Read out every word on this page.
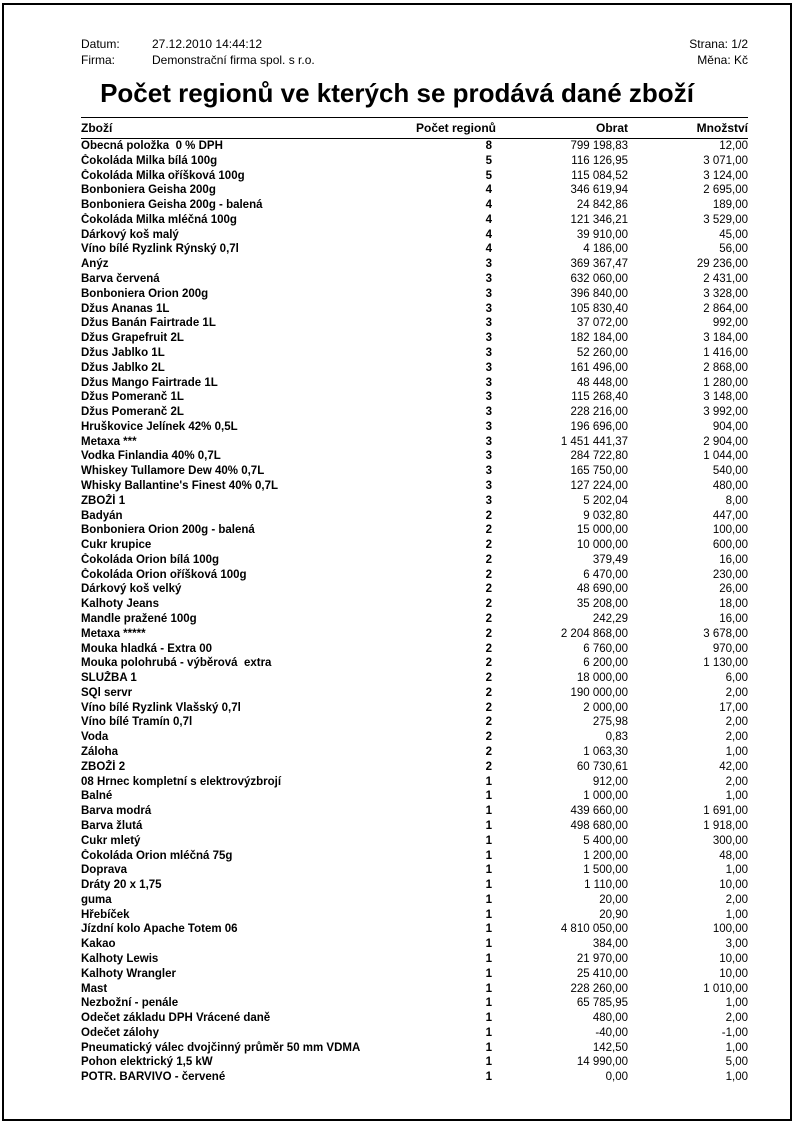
Datum:	27.12.2010 14:44:12	Strana: 1/2
Firma:	Demonstrační firma spol. s r.o.	Měna: Kč
Počet regionů ve kterých se prodává dané zboží
Zboží	Počet regionů	Obrat	Množství
Obecná položka  0 % DPH	8	799 198,83	12,00
Čokoláda Milka bílá 100g	5	116 126,95	3 071,00
Čokoláda Milka oříšková 100g	5	115 084,52	3 124,00
Bonboniera Geisha 200g	4	346 619,94	2 695,00
Bonboniera Geisha 200g - balená	4	24 842,86	189,00
Čokoláda Milka mléčná 100g	4	121 346,21	3 529,00
Dárkový koš malý	4	39 910,00	45,00
Víno bílé Ryzlink Rýnský 0,7l	4	4 186,00	56,00
Anýz	3	369 367,47	29 236,00
Barva červená	3	632 060,00	2 431,00
Bonboniera Orion 200g	3	396 840,00	3 328,00
Džus Ananas 1L	3	105 830,40	2 864,00
Džus Banán Fairtrade 1L	3	37 072,00	992,00
Džus Grapefruit 2L	3	182 184,00	3 184,00
Džus Jablko 1L	3	52 260,00	1 416,00
Džus Jablko 2L	3	161 496,00	2 868,00
Džus Mango Fairtrade 1L	3	48 448,00	1 280,00
Džus Pomeranč 1L	3	115 268,40	3 148,00
Džus Pomeranč 2L	3	228 216,00	3 992,00
Hruškovice Jelínek 42% 0,5L	3	196 696,00	904,00
Metaxa ***	3	1 451 441,37	2 904,00
Vodka Finlandia 40% 0,7L	3	284 722,80	1 044,00
Whiskey Tullamore Dew 40% 0,7L	3	165 750,00	540,00
Whisky Ballantine's Finest 40% 0,7L	3	127 224,00	480,00
ZBOŽÍ 1	3	5 202,04	8,00
Badyán	2	9 032,80	447,00
Bonboniera Orion 200g - balená	2	15 000,00	100,00
Cukr krupice	2	10 000,00	600,00
Čokoláda Orion bílá 100g	2	379,49	16,00
Čokoláda Orion oříšková 100g	2	6 470,00	230,00
Dárkový koš velký	2	48 690,00	26,00
Kalhoty Jeans	2	35 208,00	18,00
Mandle pražené 100g	2	242,29	16,00
Metaxa *****	2	2 204 868,00	3 678,00
Mouka hladká - Extra 00	2	6 760,00	970,00
Mouka polohrubá - výběrová  extra	2	6 200,00	1 130,00
SLUŽBA 1	2	18 000,00	6,00
SQl servr	2	190 000,00	2,00
Víno bílé Ryzlink Vlašský 0,7l	2	2 000,00	17,00
Víno bílé Tramín 0,7l	2	275,98	2,00
Voda	2	0,83	2,00
Záloha	2	1 063,30	1,00
ZBOŽÍ 2	2	60 730,61	42,00
08 Hrnec kompletní s elektrovýzbrojí	1	912,00	2,00
Balné	1	1 000,00	1,00
Barva modrá	1	439 660,00	1 691,00
Barva žlutá	1	498 680,00	1 918,00
Cukr mletý	1	5 400,00	300,00
Čokoláda Orion mléčná 75g	1	1 200,00	48,00
Doprava	1	1 500,00	1,00
Dráty 20 x 1,75	1	1 110,00	10,00
guma	1	20,00	2,00
Hřebíček	1	20,90	1,00
Jízdní kolo Apache Totem 06	1	4 810 050,00	100,00
Kakao	1	384,00	3,00
Kalhoty Lewis	1	21 970,00	10,00
Kalhoty Wrangler	1	25 410,00	10,00
Mast	1	228 260,00	1 010,00
Nezbožní - penále	1	65 785,95	1,00
Odečet základu DPH Vrácené daně	1	480,00	2,00
Odečet zálohy	1	-40,00	-1,00
Pneumatický válec dvojčinný průměr 50 mm VDMA	1	142,50	1,00
Pohon elektrický 1,5 kW	1	14 990,00	5,00
POTR. BARVIVO - červené	1	0,00	1,00
